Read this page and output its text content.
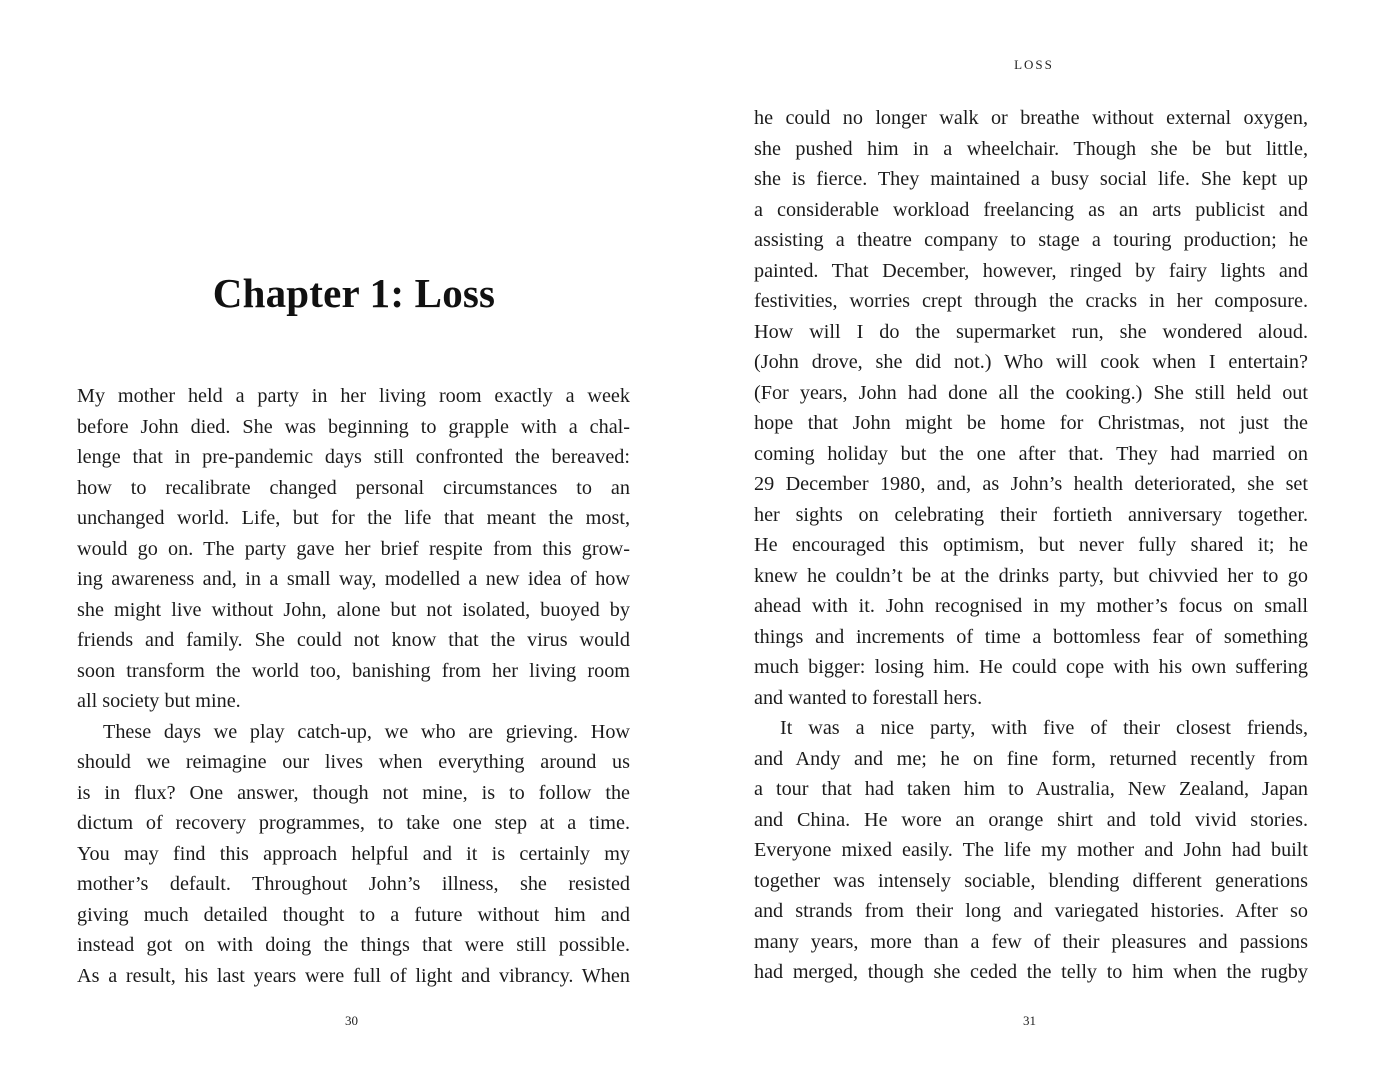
Chapter 1: Loss
My mother held a party in her living room exactly a week
before John died. She was beginning to grapple with a chal-
lenge that in pre-pandemic days still confronted the bereaved:
how to recalibrate changed personal circumstances to an
unchanged world. Life, but for the life that meant the most,
would go on. The party gave her brief respite from this grow-
ing awareness and, in a small way, modelled a new idea of how
she might live without John, alone but not isolated, buoyed by
friends and family. She could not know that the virus would
soon transform the world too, banishing from her living room
all society but mine.
These days we play catch-up, we who are grieving. How
should we reimagine our lives when everything around us
is in flux? One answer, though not mine, is to follow the
dictum of recovery programmes, to take one step at a time.
You may find this approach helpful and it is certainly my
mother’s default. Throughout John’s illness, she resisted
giving much detailed thought to a future without him and
instead got on with doing the things that were still possible.
As a result, his last years were full of light and vibrancy. When
30
LOSS
he could no longer walk or breathe without external oxygen,
she pushed him in a wheelchair. Though she be but little,
she is fierce. They maintained a busy social life. She kept up
a considerable workload freelancing as an arts publicist and
assisting a theatre company to stage a touring production; he
painted. That December, however, ringed by fairy lights and
festivities, worries crept through the cracks in her composure.
How will I do the supermarket run, she wondered aloud.
(John drove, she did not.) Who will cook when I entertain?
(For years, John had done all the cooking.) She still held out
hope that John might be home for Christmas, not just the
coming holiday but the one after that. They had married on
29 December 1980, and, as John’s health deteriorated, she set
her sights on celebrating their fortieth anniversary together.
He encouraged this optimism, but never fully shared it; he
knew he couldn’t be at the drinks party, but chivvied her to go
ahead with it. John recognised in my mother’s focus on small
things and increments of time a bottomless fear of something
much bigger: losing him. He could cope with his own suffering
and wanted to forestall hers.
It was a nice party, with five of their closest friends,
and Andy and me; he on fine form, returned recently from
a tour that had taken him to Australia, New Zealand, Japan
and China. He wore an orange shirt and told vivid stories.
Everyone mixed easily. The life my mother and John had built
together was intensely sociable, blending different generations
and strands from their long and variegated histories. After so
many years, more than a few of their pleasures and passions
had merged, though she ceded the telly to him when the rugby
31
